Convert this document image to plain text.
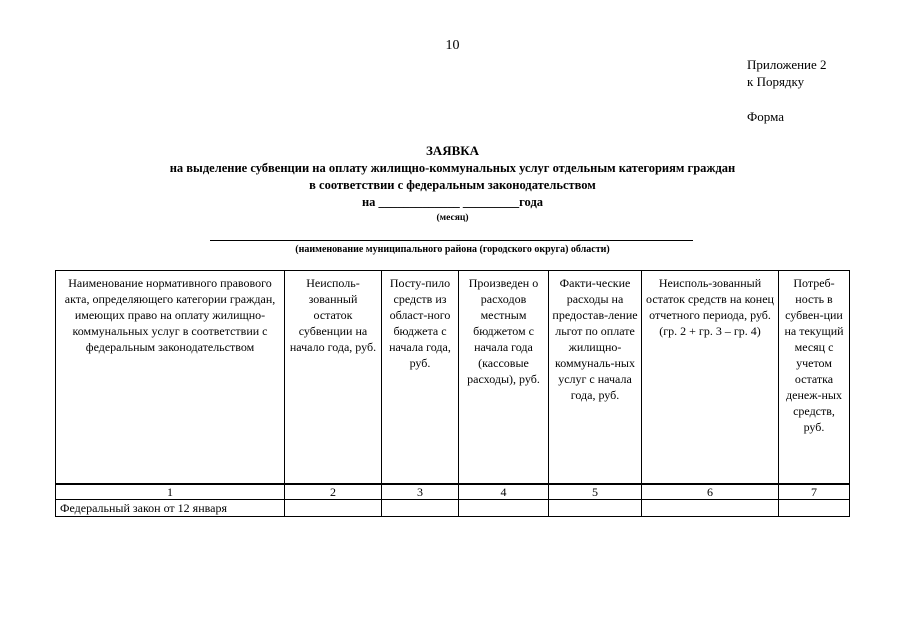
10
Приложение 2
к Порядку
Форма
ЗАЯВКА
на выделение субвенции на оплату жилищно-коммунальных услуг отдельным категориям граждан
в соответствии с федеральным законодательством
на _____________ _________года
(месяц)
(наименование муниципального района (городского округа) области)
Наименование нормативного правового акта, определяющего категории граждан, имеющих право на оплату жилищно-коммунальных услуг в соответствии с федеральным законодательством	Неисполь-зованный остаток субвенции на начало года, руб.	Посту-пило средств из област-ного бюджета с начала года, руб.	Произведен о расходов местным бюджетом с начала года (кассовые расходы), руб.	Факти-ческие расходы на предостав-ление льгот по оплате жилищно-коммуналь-ных услуг с начала года, руб.	Неисполь-зованный остаток средств на конец отчетного периода, руб. (гр. 2 + гр. 3 – гр. 4)	Потреб-ность в субвен-ции на текущий месяц с учетом остатка денеж-ных средств, руб.
1	2	3	4	5	6	7
Федеральный закон от 12 января						
